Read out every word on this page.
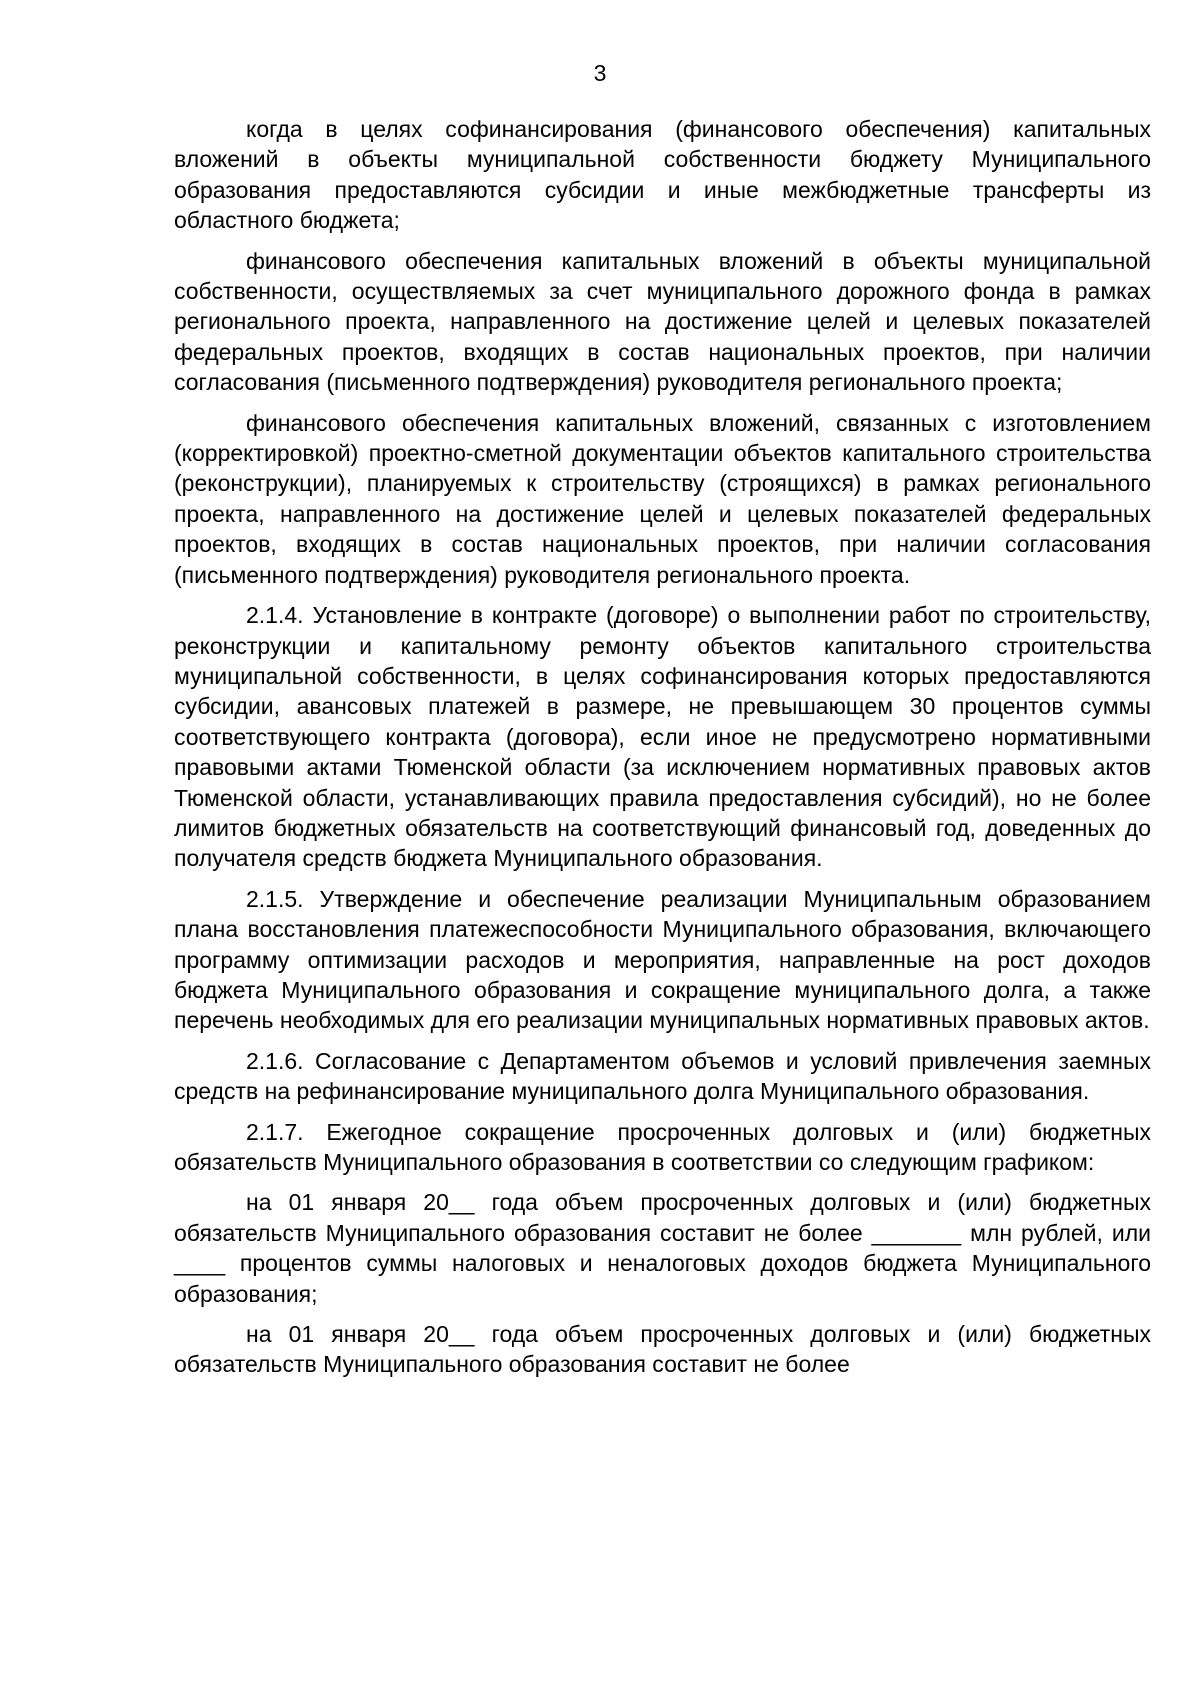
3

когда в целях софинансирования (финансового обеспечения) капитальных вложений в объекты муниципальной собственности бюджету Муниципального образования предоставляются субсидии и иные межбюджетные трансферты из областного бюджета;

финансового обеспечения капитальных вложений в объекты муниципальной собственности, осуществляемых за счет муниципального дорожного фонда в рамках регионального проекта, направленного на достижение целей и целевых показателей федеральных проектов, входящих в состав национальных проектов, при наличии согласования (письменного подтверждения) руководителя регионального проекта;

финансового обеспечения капитальных вложений, связанных с изготовлением (корректировкой) проектно-сметной документации объектов капитального строительства (реконструкции), планируемых к строительству (строящихся) в рамках регионального проекта, направленного на достижение целей и целевых показателей федеральных проектов, входящих в состав национальных проектов, при наличии согласования (письменного подтверждения) руководителя регионального проекта.

2.1.4. Установление в контракте (договоре) о выполнении работ по строительству, реконструкции и капитальному ремонту объектов капитального строительства муниципальной собственности, в целях софинансирования которых предоставляются субсидии, авансовых платежей в размере, не превышающем 30 процентов суммы соответствующего контракта (договора), если иное не предусмотрено нормативными правовыми актами Тюменской области (за исключением нормативных правовых актов Тюменской области, устанавливающих правила предоставления субсидий), но не более лимитов бюджетных обязательств на соответствующий финансовый год, доведенных до получателя средств бюджета Муниципального образования.

2.1.5. Утверждение и обеспечение реализации Муниципальным образованием плана восстановления платежеспособности Муниципального образования, включающего программу оптимизации расходов и мероприятия, направленные на рост доходов бюджета Муниципального образования и сокращение муниципального долга, а также перечень необходимых для его реализации муниципальных нормативных правовых актов.

2.1.6. Согласование с Департаментом объемов и условий привлечения заемных средств на рефинансирование муниципального долга Муниципального образования.

2.1.7. Ежегодное сокращение просроченных долговых и (или) бюджетных обязательств Муниципального образования в соответствии со следующим графиком:

на 01 января 20__ года объем просроченных долговых и (или) бюджетных обязательств Муниципального образования составит не более _______ млн рублей, или ____ процентов суммы налоговых и неналоговых доходов бюджета Муниципального образования;

на 01 января 20__ года объем просроченных долговых и (или) бюджетных обязательств Муниципального образования составит не более
